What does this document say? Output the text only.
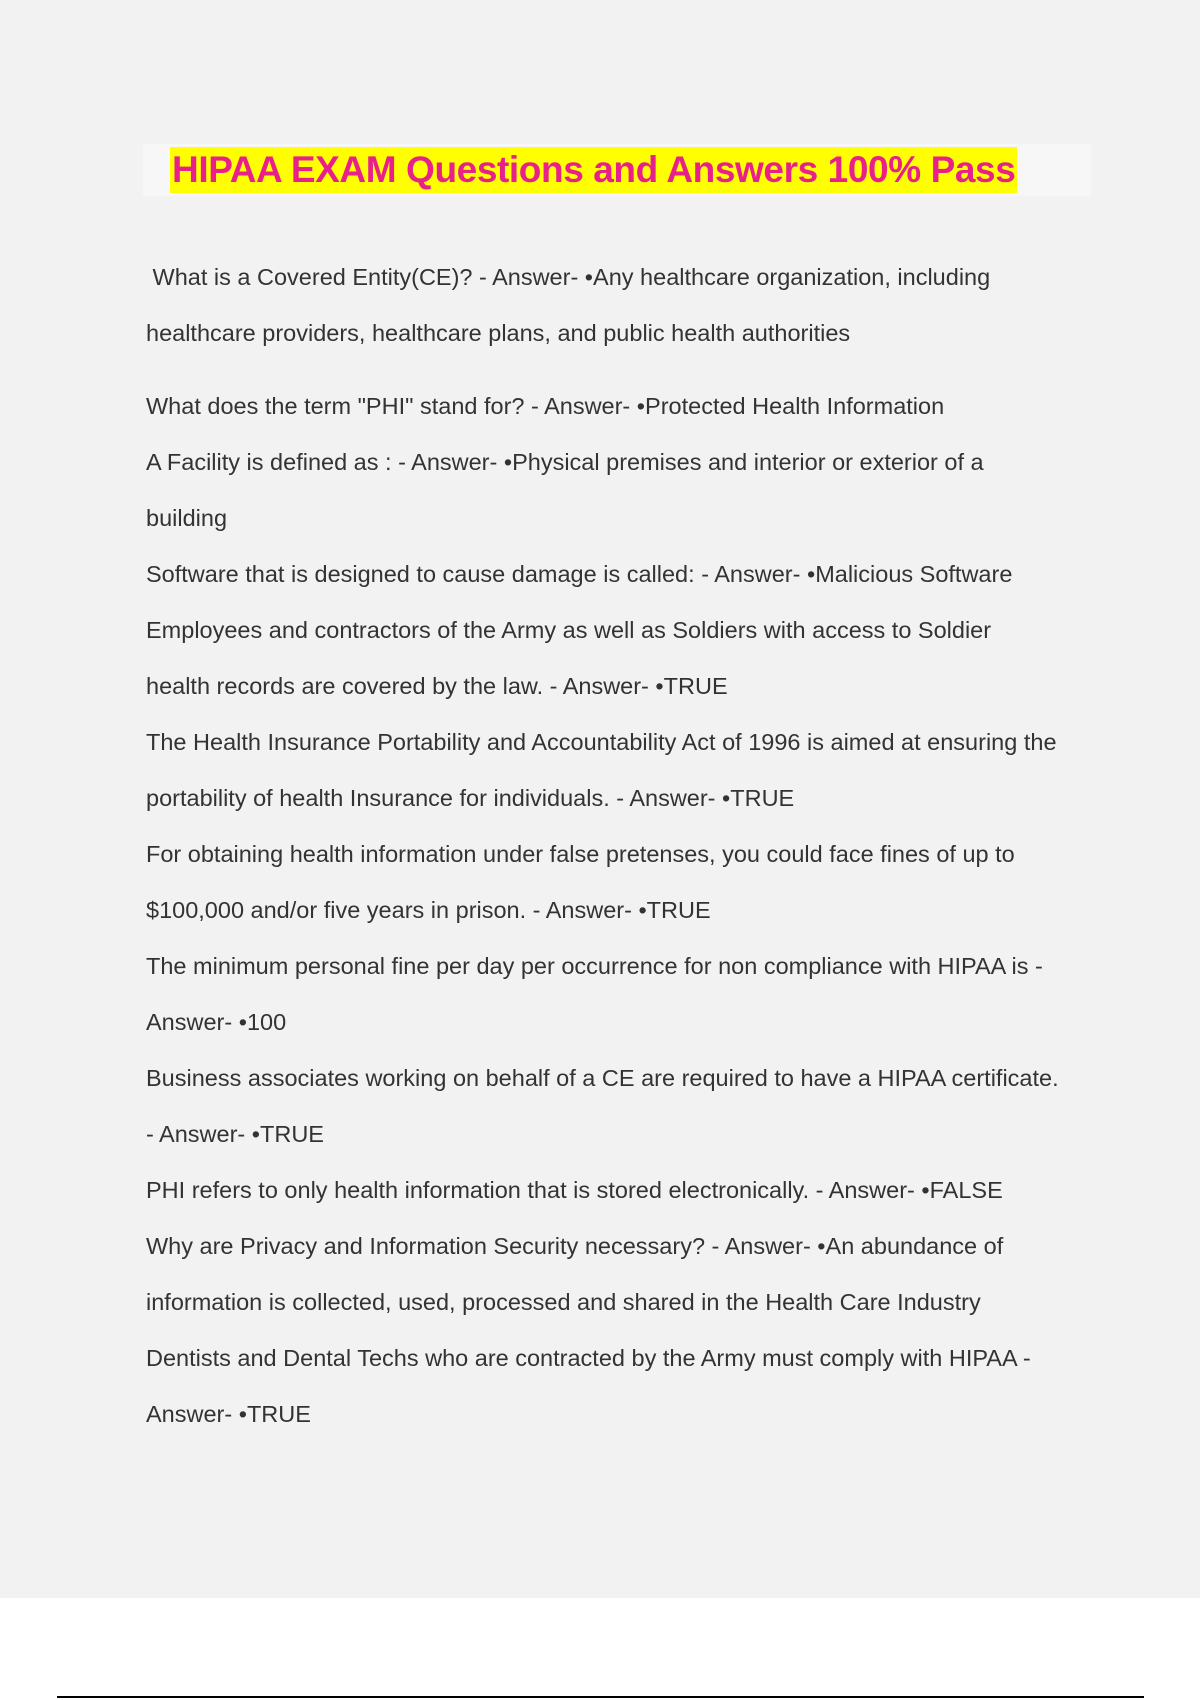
HIPAA EXAM Questions and Answers 100% Pass
What is a Covered Entity(CE)? - Answer- •Any healthcare organization, including
healthcare providers, healthcare plans, and public health authorities
What does the term "PHI" stand for? - Answer- •Protected Health Information
A Facility is defined as : - Answer- •Physical premises and interior or exterior of a
building
Software that is designed to cause damage is called: - Answer- •Malicious Software
Employees and contractors of the Army as well as Soldiers with access to Soldier
health records are covered by the law. - Answer- •TRUE
The Health Insurance Portability and Accountability Act of 1996 is aimed at ensuring the
portability of health Insurance for individuals. - Answer- •TRUE
For obtaining health information under false pretenses, you could face fines of up to
$100,000 and/or five years in prison. - Answer- •TRUE
The minimum personal fine per day per occurrence for non compliance with HIPAA is -
Answer- •100
Business associates working on behalf of a CE are required to have a HIPAA certificate.
- Answer- •TRUE
PHI refers to only health information that is stored electronically. - Answer- •FALSE
Why are Privacy and Information Security necessary? - Answer- •An abundance of
information is collected, used, processed and shared in the Health Care Industry
Dentists and Dental Techs who are contracted by the Army must comply with HIPAA -
Answer- •TRUE
